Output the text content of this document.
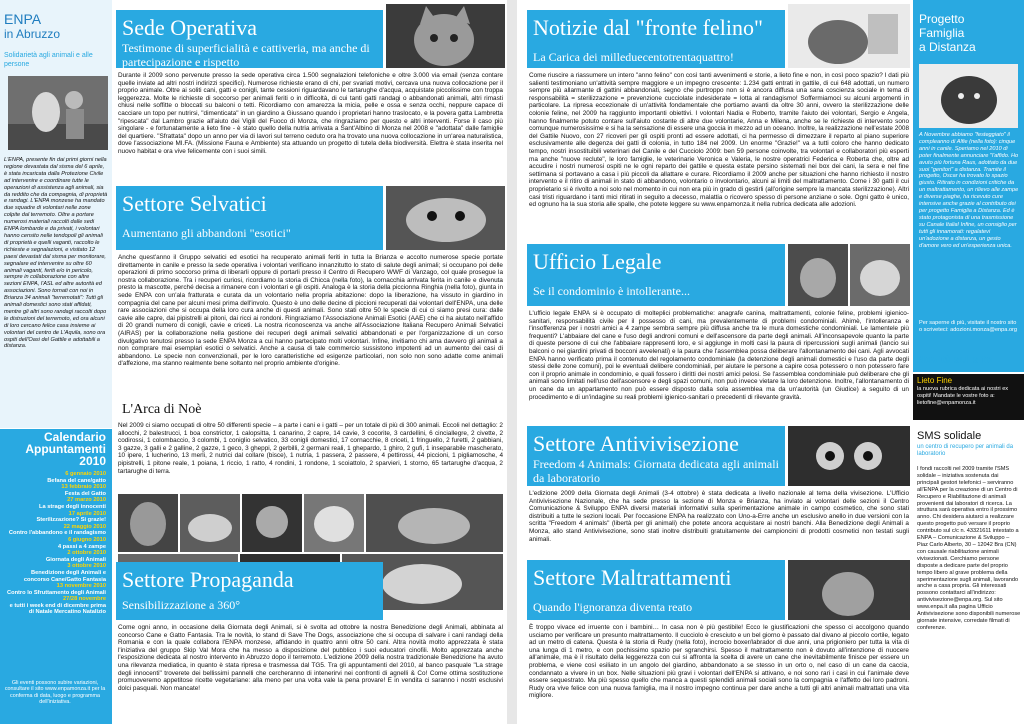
ENPA
in Abruzzo
Solidarietà agli animali e alle persone
L'ENPA, presente fin dai primi giorni nella regione devastata dal sisma del 6 aprile, è stata incaricata dalla Protezione Civile ad intervenire e coordinare tutte le operazioni di assistenza agli animali, sia da reddito che da compagnia, di proprietà e randagi. L'ENPA monzese ha mandato due squadre di volontari nelle zone colpite dal terremoto. Oltre a portare numerosi materiali raccolti dalle sedi ENPA lombarde e da privati, i volontari hanno censito nelle tendopoli gli animali di proprietà e quelli vaganti, raccolto le richieste e segnalazioni, e visitato 12 paesi devastati dal sisma per monitorare, segnalare ed intervenire su oltre 60 animali vaganti, feriti e/o in pericolo, sempre in collaborazione con altre sezioni ENPA, l'ASL ed altre autorità ed associazioni. Sono tornati con noi in Brianza 34 animali "terremotati": Tutti gli animali domestici sono stati affidati, mentre gli altri sono randagi raccolti dopo le distruzioni del terremoto, ed ora alcuni di loro cercano felice casa insieme ai volontari del centro de L'Aquila, sono ora ospiti dell'Oasi del Gattile e adottabili a distanza.
Calendario
Appuntamenti
2010
6 gennaio 2010
Befana del cane/gatto
13 febbraio 2010
Festa del Gatto
27 marzo 2010
La strage degli innocenti
17 aprile 2010
Sterilizzazione? Si grazie!
22 maggio 2010
Contro l'abbandono e il randagismo
6 giugno 2010
4 passi a 4 zampe
2 ottobre 2010
Giornata degli Animali
3 ottobre 2010
Benedizione degli Animali e concorso Cane/Gatto Fantasia
13 novembre 2010
Contro lo Sfruttamento degli Animali
27/28 novembre
e tutti i week end di dicembre prima di Natale Mercatino Natalizio
Gli eventi possono subire variazioni, consultare il sito www.enpamonza.it per la conferma di data, luogo e programma dell'iniziativa.
Sede Operativa
Testimone di superficialità e cattiveria, ma anche di partecipazione e rispetto
Durante il 2009 sono pervenute presso la sede operativa circa 1.500 segnalazioni telefoniche e oltre 3.000 via email (senza contare quelle inviate ad altri nostri indirizzi specifici). Numerose richieste erano di chi, per svariati motivi, cercava una nuova collocazione per il proprio animale. Oltre ai soliti cani, gatti e conigli, tante cessioni riguardavano le tartarughe d'acqua, acquistate piccolissime con troppa leggerezza. Molte le richieste di soccorso per animali feriti o in difficoltà, di cui tanti gatti randagi o abbandonati animali, altri rimasti chiusi nelle soffitte o bloccati su balconi o tetti. Ricordiamo con amarezza la micia, pelle e ossa e senza occhi, neppure capace di cacciare un topo per nutrirsi, "dimenticata" in un giardino a Giussano quando i proprietari hanno traslocato, e la povera gatta Lambretta "ripescata" dal Lambro grazie all'aiuto dei Vigili del Fuoco di Monza, che ringraziamo per questo e altri interventi. Forse il caso più singolare - e fortunatamente a lieto fine - è stato quello della nutria arrivata a Sant'Albino di Monza nel 2008 e "adottata" dalle famiglie del quartiere. "Sfrattata" dopo un anno per via di lavori sul terreno ceduto ora ha trovato una nuova collocazione in un'area naturalistica, dove l'associazione MI.FA. (Missione Fauna e Ambiente) sta attuando un progetto di tutela della biodiversità. Elettra è stata inserita nel nuovo habitat e ora vive felicemente con i suoi simili.
Settore Selvatici
Aumentano gli abbandoni "esotici"
Anche quest'anno il Gruppo selvatici ed esotici ha recuperato animali feriti in tutta la Brianza e accolto numerose specie portate direttamente in canile e presso la sede operativa i volontari verificano innanzitutto lo stato di salute degli animali; si occupano poi delle operazioni di primo soccorso prima di liberarli oppure di portarli presso il Centro di Recupero WWF di Vanzago, col quale prosegue la nostra collaborazione. Tra i recuperi curiosi, ricordiamo la storia di Chicca (nella foto), la cornacchia arrivata ferita in canile e divenuta presto la mascotte, perché decisa a rimanere con i volontari e gli ospiti. Analoga è la storia della piccionna Ringhia (nella foto), giunta in sede ENPA con un'ala fratturata e curata da un volontario nella propria abitazione: dopo la liberazione, ha vissuto in giardino in compagnia del cane per alcuni mesi prima dell'involo. Questo è uno delle decine di piccioni recuperati dai volontari dell'ENPA, una delle rare associazioni che si occupa della loro cura anche di questi animali. Sono stati oltre 50 le specie di cui ci siamo presi cura: dalle cavie alle capre, dai pipistrelli ai pitoni, dai ricci ai rondoni. Ringraziamo l'Associazione Animali Esotici (AAE) che ci ha aiutato nell'affido di 20 grandi numero di conigli, cavie e criceti. La nostra riconoscenza va anche all'Associazione Italiana Recupero Animali Selvatici (AIRAS) per la collaborazione nella gestione dei recuperi degli animali selvatici abbandonati e per l'organizzazione di un corso divulgativo tenutosi presso la sede ENPA Monza a cui hanno partecipato molti volontari. Infine, invitiamo chi ama davvero gli animali a non comprare mai esemplari esotici o selvatici. Anche a causa di tale commercio sussistono impotenti ad un aumento dei casi di abbandono. Le specie non convenzionali, per le loro caratteristiche ed esigenze particolari, non solo non sono adatte come animali d'affezione, ma stanno realmente bene soltanto nel proprio ambiente d'origine.
L'Arca di Noè
Nel 2009 ci siamo occupati di oltre 50 differenti specie – a parte i cani e i gatti – per un totale di più di 300 animali. Eccoli nel dettaglio: 2 allocchi, 2 balestrucci, 1 boa constrictor, 1 calopsitta, 1 canarino, 2 capre, 14 cavie, 3 cocorite, 3 cardellini, 6 cinciallegre, 2 civette, 2 codirossi, 1 colombaccio, 3 colombi, 1 coniglio selvatico, 33 conigli domestici, 17 cornacchie, 8 criceti, 1 fringuello, 2 furetti, 2 gabbiani, 3 gazze, 3 galli e 2 galline, 2 gazze, 1 geco, 3 gheppi, 2 gerbilli, 2 germani reali, 1 ghepardo, 1 ghiro, 2 gufi, 1 inseparabile mascherato, 10 ipere, 1 lucherino, 13 merli, 2 nutrici dal collare (bisce), 1 nutria, 1 passera, 2 passere, 4 pettirossi, 44 piccioni, 1 pigliamosche, 4 pipistrelli, 1 pitone reale, 1 poiana, 1 riccio, 1 ratto, 4 rondini, 1 rondone, 1 scoiattolo, 2 sparvieri, 1 storno, 65 tartarughe d'acqua, 2 tartarughe di terra.
Settore Propaganda
Sensibilizzazione a 360°
Come ogni anno, in occasione della Giornata degli Animali, si è svolta ad ottobre la nostra Benedizione degli Animali, abbinata al concorso Cane e Gatto Fantasia. Tra le novità, lo stand di Save The Dogs, associazione che si occupa di salvare i cani randagi della Romania e con la quale collabora l'ENPA monzese, affidando in quattro anni oltre 50 cani. Altra novità molto apprezzata è stata l'iniziativa del gruppo Skip Val Mora che ha messo a disposizione del pubblico i suoi educatori cinofili. Molto apprezzata anche l'esposizione dedicata al nostro intervento in Abruzzo dopo il terremoto. L'edizione 2009 della nostra tradizionale Benedizione ha avuto una rilevanza mediatica, in quanto è stata ripresa e trasmessa dal TG5. Tra gli appuntamenti del 2010, al banco pasquale "La strage degli innocenti" troverete dei bellissimi pannelli che cercheranno di intenerirvi nei confronti di agnelli & Co! Come ottima sostituzione promuoveremo appetitose ricette vegetariane: alla meno per una volta vale la pena provare! E in vendita ci saranno i nostri esclusivi dolci pasquali. Non mancate!
Notizie dal "fronte felino"
La Carica dei milleduecentotrentaquattro!
Come riuscire a riassumere un intero "anno felino" con così tanti avvenimenti e storie, a lieto fine e non, in così poco spazio? I dati più salienti testimoniano un'attività sempre maggiore e un impegno crescente: 1.234 gatti entrati in gattile, di cui 648 adottati, un numero sempre più allarmante di gattini abbandonati, segno che purtroppo non si è ancora diffusa una sana coscienza sociale in tema di responsabilità = sterilizzazione = prevenzione cucciolate indesiderate = lotta al randagismo! Soffermiamoci su alcuni argomenti in particolare. La ripresa eccezionale di un'attività fondamentale che portiamo avanti da oltre 30 anni, ovvero la sterilizzazione delle colonie feline, nel 2009 ha raggiunto importanti obiettivi. I volontari Nadia e Roberto, tramite l'aiuto dei volontari, Sergio e Angela, hanno finalmente potuto contare sull'aiuto costante di altre due volontarie, Anna e Milena, anche se le richieste di intervento sono comunque numerosissime e si ha la sensazione di essere una goccia in mezzo ad un oceano. Inoltre, la realizzazione nell'estate 2008 del Gattile Nuovo, con 27 ricoveri per gli ospiti pronti ad essere adottati, ci ha permesso di dimezzare il reparto al piano superiore esclusivamente alle degenza dei gatti di colonia, in tutto 184 nel 2009. Un enorme "Grazie!" va a tutti coloro che hanno dedicato tempo, nostri insostituibili veterinari del Canile e del Cucciolo 2009: ben 59 persone coinvolte, tra volontari e collaboratori più esperti ma anche "nuove reclute", le loro famiglie, le veterinarie Veronica e Valeria, le nostre operatrici Federica e Roberta che, oltre ad accudire i nostri numerosi ospiti ne le ogni reparto dei gattile e questa estate persino sistemati nei box dei cani, la sera e nel fine settimana si portavano a casa i più piccoli da allattare e curare. Ricordiamo il 2009 anche per situazioni che hanno richiesto il nostro intervento e il ritiro di animali in stato di abbandono, volontario o involontario, alcuni ai limiti del maltrattamento. Come i 30 gatti il cui proprietario si è rivolto a noi solo nel momento in cui non era più in grado di gestirli (all'origine sempre la mancata sterilizzazione). Altri casi tristi riguardano i tanti mici ritirati in seguito a decesso, malattia o ricovero spesso di persone anziane o sole. Ogni gatto è unico, ed ognuno ha la sua storia alle spalle, che potete leggere su www.enpamonza.it nella rubrica dedicata alle adozioni.
Ufficio Legale
Se il condominio è intollerante...
L'ufficio legale ENPA si è occupato di molteplici problematiche: anagrafe canina, maltrattamenti, colonie feline, problemi igienico-sanitari, responsabilità civile per il possesso di cani, ma prevalentemente di problemi condominiali. Ahimè, l'intolleranza e l'insofferenza per i nostri amici a 4 zampe sembra sempre più diffusa anche tra le mura domestiche condominiali. Le lamentele più frequenti? L'abbaiare del cane e l'uso degli androni comuni e dell'ascensore da parte degli animali. All'inconsapevole quanto la parte di queste persone di cui che l'abbaiare rappresenti loro, e si aggiunge in molti casi la paura di ripercussioni sugli animali (lancio sui balconi o nei giardini privati di bocconi avvelenati) e la paura che l'assemblea possa deliberare l'allontanamento dei cani. Agli avvocati ENPA hanno verificato prima il contenuto del regolamento condominiale (la detenzione degli animali domestici e l'uso da parte degli stessi delle zone comuni), poi le eventuali delibere condominiali, per aiutare le persone a capire cosa potessero o non potessero fare con il proprio animale in condominio, e quali fossero i diritti dei nostri amici pelosi. Se l'assemblea condominiale può deliberare che gli animali sono limitati nell'uso dell'ascensore e degli spazi comuni, non può invece vietare la loro detenzione. Inoltre, l'allontanamento di un cane da un appartamento non può essere disposto dalla sola assemblea ma da un'autorità (un Giudice) a seguito di un procedimento e di un'indagine su reali problemi igienico-sanitari o precedenti di rilevante gravità.
Settore Antivivisezione
Freedom 4 Animals: Giornata dedicata agli animali da laboratorio
L'edizione 2009 della Giornata degli Animali (3-4 ottobre) è stata dedicata a livello nazionale al tema della vivisezione. L'Ufficio Antivivisezione Nazionale, che ha sede presso la sezione di Monza e Brianza, ha inviato ai volontari delle sezioni il Centro Comunicazione & Sviluppo ENPA diversi materiali informativi sulla sperimentazione animale in campo cosmetico, che sono stati distribuiti a tutte le sezioni locali. Per l'occasione ENPA ha realizzato con Uno-a-Erre anche un esclusivo anello in due versioni con la scritta "Freedom 4 animals" (libertà per gli animali) che potete ancora acquistare ai nostri banchi. Alla Benedizione degli Animali a Monza, allo stand Antivivisezione, sono stati inoltre distribuiti gratuitamente dei campioncini di prodotti cosmetici non testati sugli animali.
Settore Maltrattamenti
Quando l'ignoranza diventa reato
È troppo vivace ed irruente con i bambini… In casa non è più gestibile! Ecco le giustificazioni che spesso ci accolgono quando usciamo per verificare un presunto maltrattamento. Il cucciolo è cresciuto e un bel giorno è passato dal divano al piccolo cortile, legato ad un metro di catena. Questa è la storia di Rudy (nella foto), incrocio boxer/labrador di due anni, una prigioniero per tutta la vita di una lunga di 1 metro, e con pochissimo spazio per sgranchirsi. Spesso il maltrattamento non è dovuto all'intenzione di nuocere all'animale, ma è il risultato della leggerezza con cui si affronta la scelta di avere un cane che inevitabilmente finisce per essere un problema, e viene così esiliato in un angolo del giardino, abbandonato a se stesso in un orto o, nel caso di un cane da caccia, condannato a vivere in un box. Nelle situazioni più gravi i volontari dell'ENPA si attivano, e noi sono rari i casi in cui l'animale deve essere sequestrato. Ma più spesso quello che manca a questi splendidi animali sociali sono la compagnia e l'affetto dei loro padroni. Rudy ora vive felice con una nuova famiglia, ma il nostro impegno continua per dare anche a tutti gli altri animali maltrattati una vita migliore.
Progetto
Famiglia
a Distanza
A Novembre abbiamo "festeggiato" il compleanno di Alfie (nella foto): cinque anni in canile. Speriamo nel 2010 di poter finalmente annunciare "l'affido. Ho avuto più fortuna Raus, adottato da due suoi "genitori" a distanza. Tramite il progetto, Oscar ha trovato lo spazio giusto. Ritirato in condizioni critiche da un maltrattamento, un rilievo alle zampe e diverse piaghe, ha ricevuto cure intensive anche grazie al contributo dei per progetto Famiglia a Distanza. Ed è stato protagonista di una trasmissione su Canale Italia! Infine, un consiglio per tutti gli innamorati: regalatevi un'adozione a distanza, un gesto d'amore vero ed un'esperienza unica.
Per saperne di più, visitate il nostro sito o scriveteci: adozioni.monza@enpa.org
Novità sul sito
Lieto Fine
la nuova rubrica dedicata ai nostri ex ospiti! Mandate le vostre foto a: lietofine@enpamonza.it
SMS solidale
un centro di recupero per animali da laboratorio
I fondi raccolti nel 2009 tramite l'SMS solidale – iniziativa sostenuta dai principali gestori telefonici – serviranno all'ENPA per la creazione di un Centro di Recupero e Riabilitazione di animali provenienti dai laboratori di ricerca. La struttura sarà operativa entro il prossimo anno. Chi desidera aiutarci a realizzare questo progetto può versare il proprio contributo sul c/c n. 43321611 intestato a ENPA – Comunicazione & Sviluppo – Piaz Carlo Alberto, 30 – 12042 Bra (CN) con causale riabilitazione animali vivisezionati. Cerchiamo persone disposte a dedicare parte del proprio tempo libero al grave problema della sperimentazione sugli animali, lavorando anche a casa propria. Gli interessati possono contattarci all'indirizzo: antivivisezione@enpa.org. Sul sito www.enpa.it alla pagina Ufficio Antivivisezione sono disponibili numerose giornate intensive, corredate filmati di conferenze.
